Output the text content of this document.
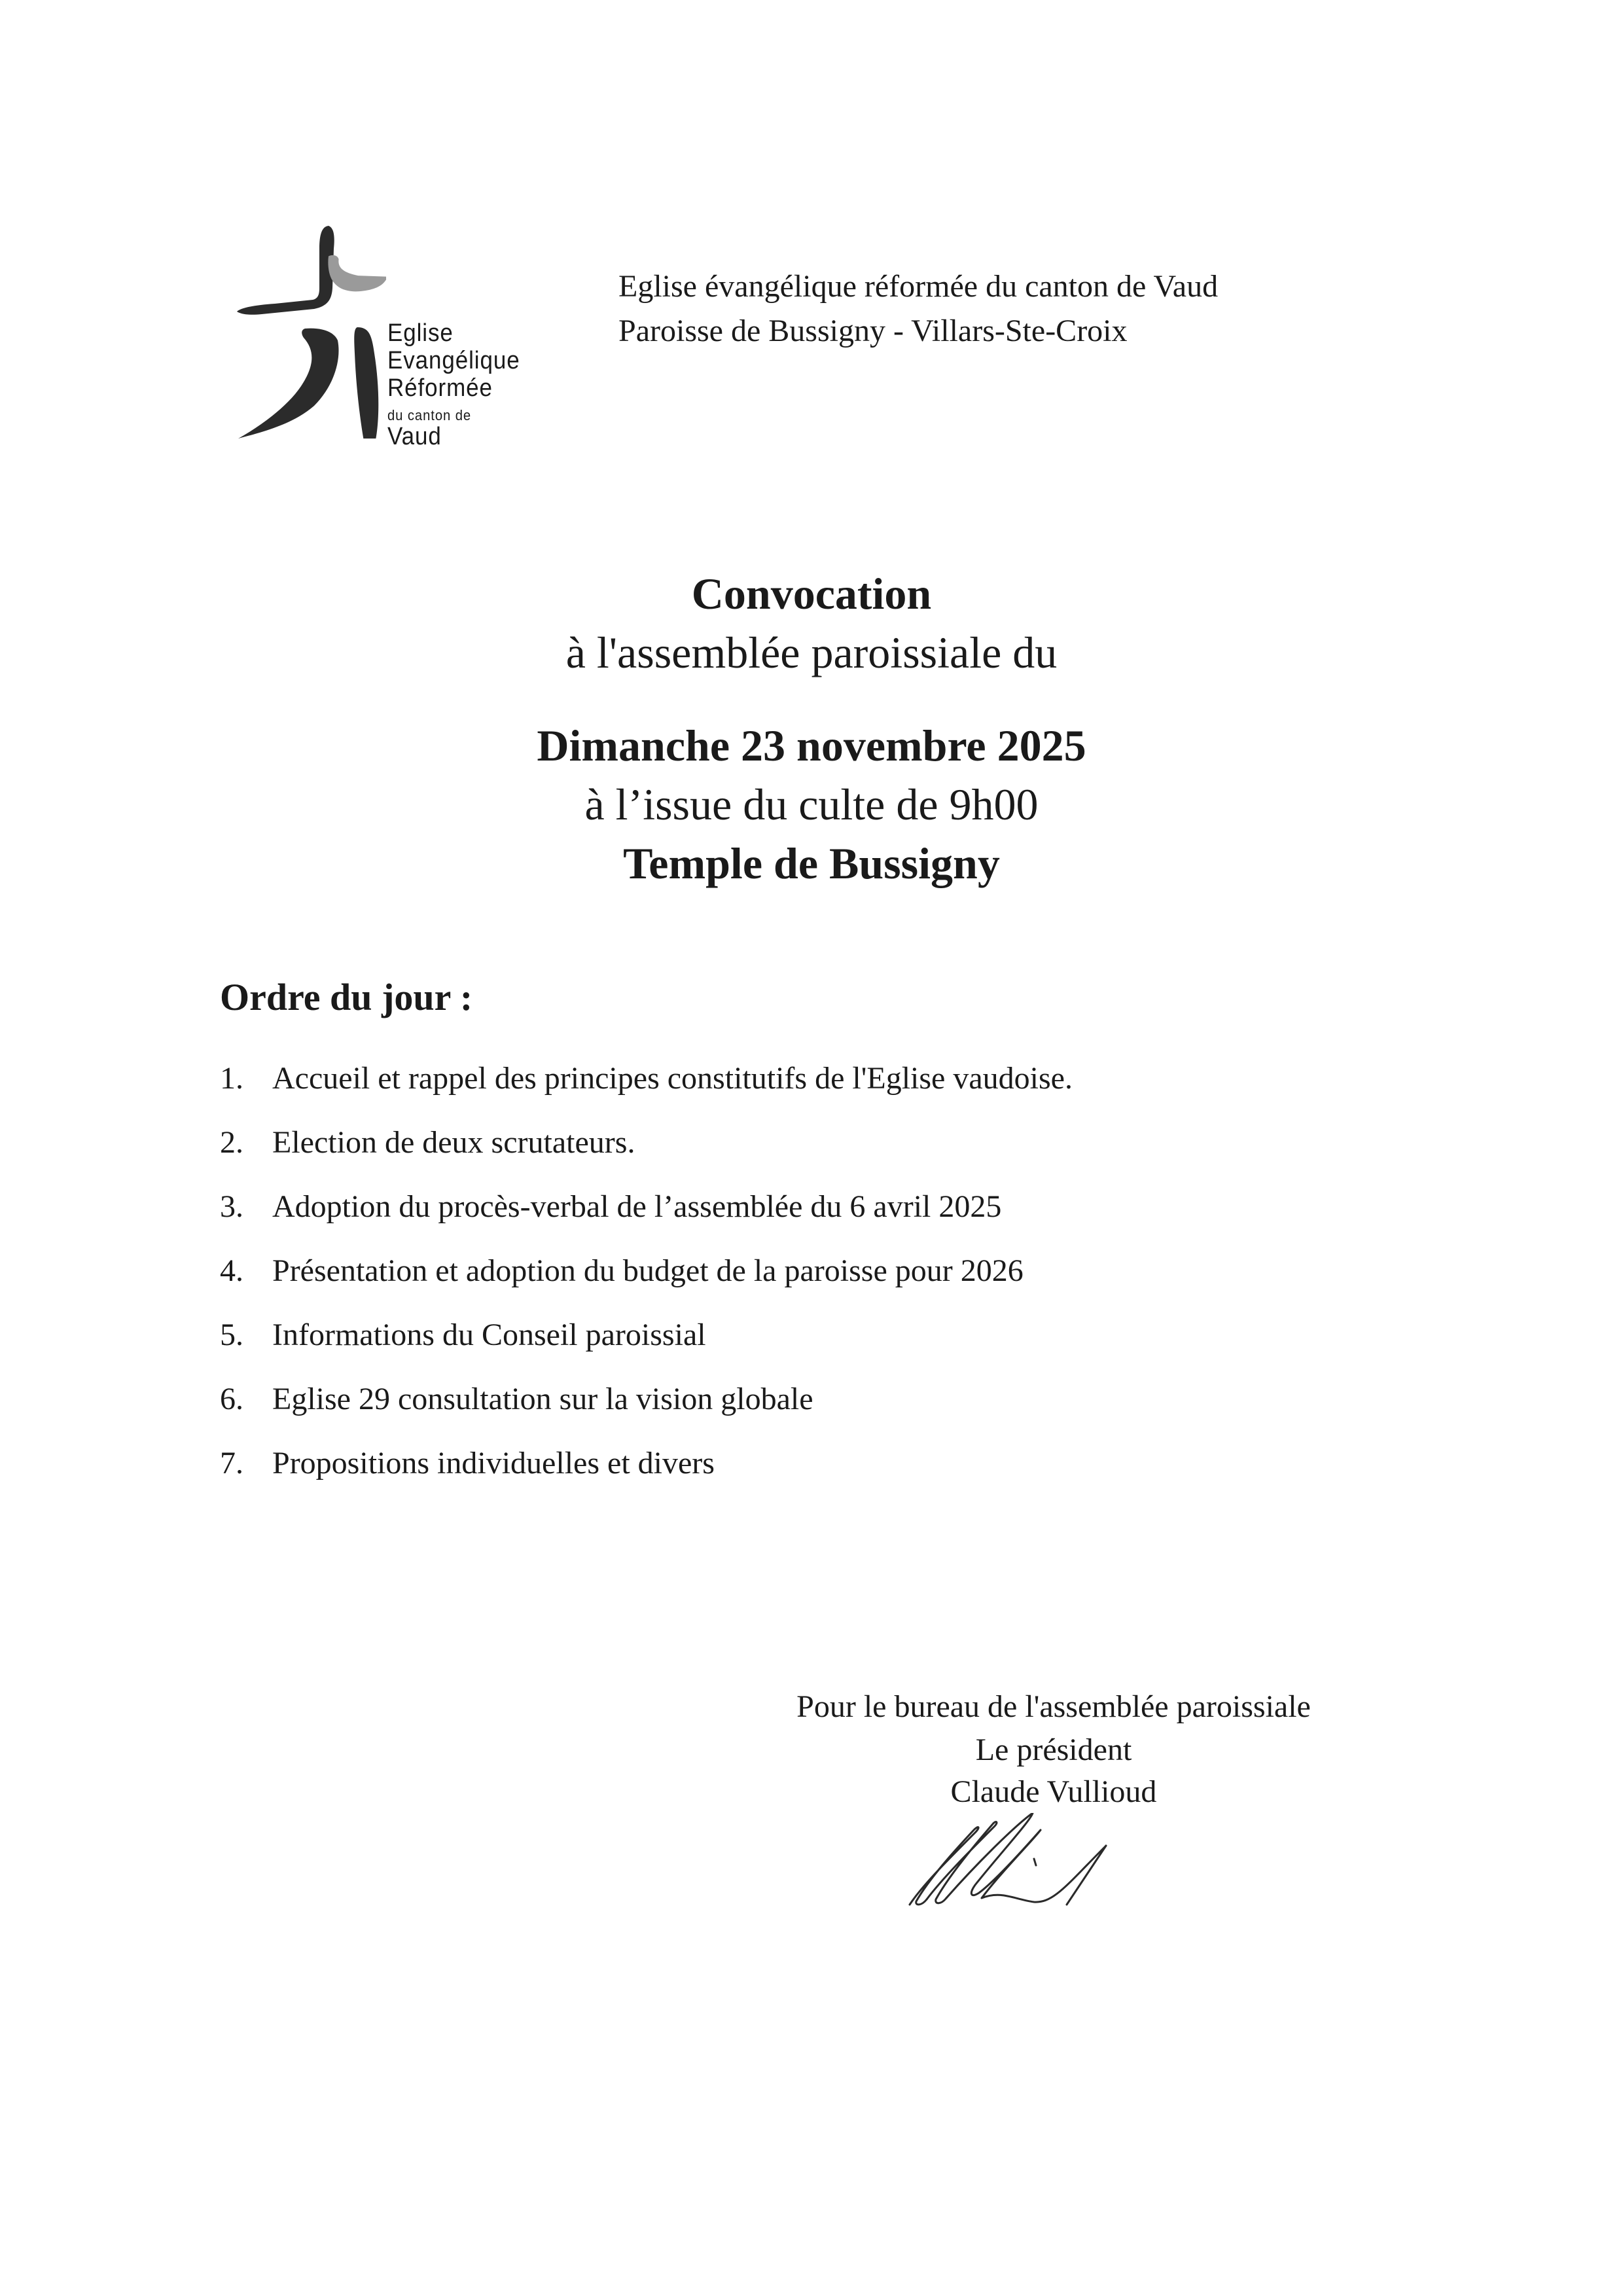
Eglise
Evangélique
Réformée
du canton de
Vaud
Eglise évangélique réformée du canton de Vaud
Paroisse de Bussigny - Villars-Ste-Croix
Convocation
à l'assemblée paroissiale du
Dimanche 23 novembre 2025
à l’issue du culte de 9h00
Temple de Bussigny
Ordre du jour :
1. Accueil et rappel des principes constitutifs de l'Eglise vaudoise.
2. Election de deux scrutateurs.
3. Adoption du procès-verbal de l’assemblée du 6 avril 2025
4. Présentation et adoption du budget de la paroisse pour 2026
5. Informations du Conseil paroissial
6. Eglise 29 consultation sur la vision globale
7. Propositions individuelles et divers
Pour le bureau de l'assemblée paroissiale
Le président
Claude Vullioud
